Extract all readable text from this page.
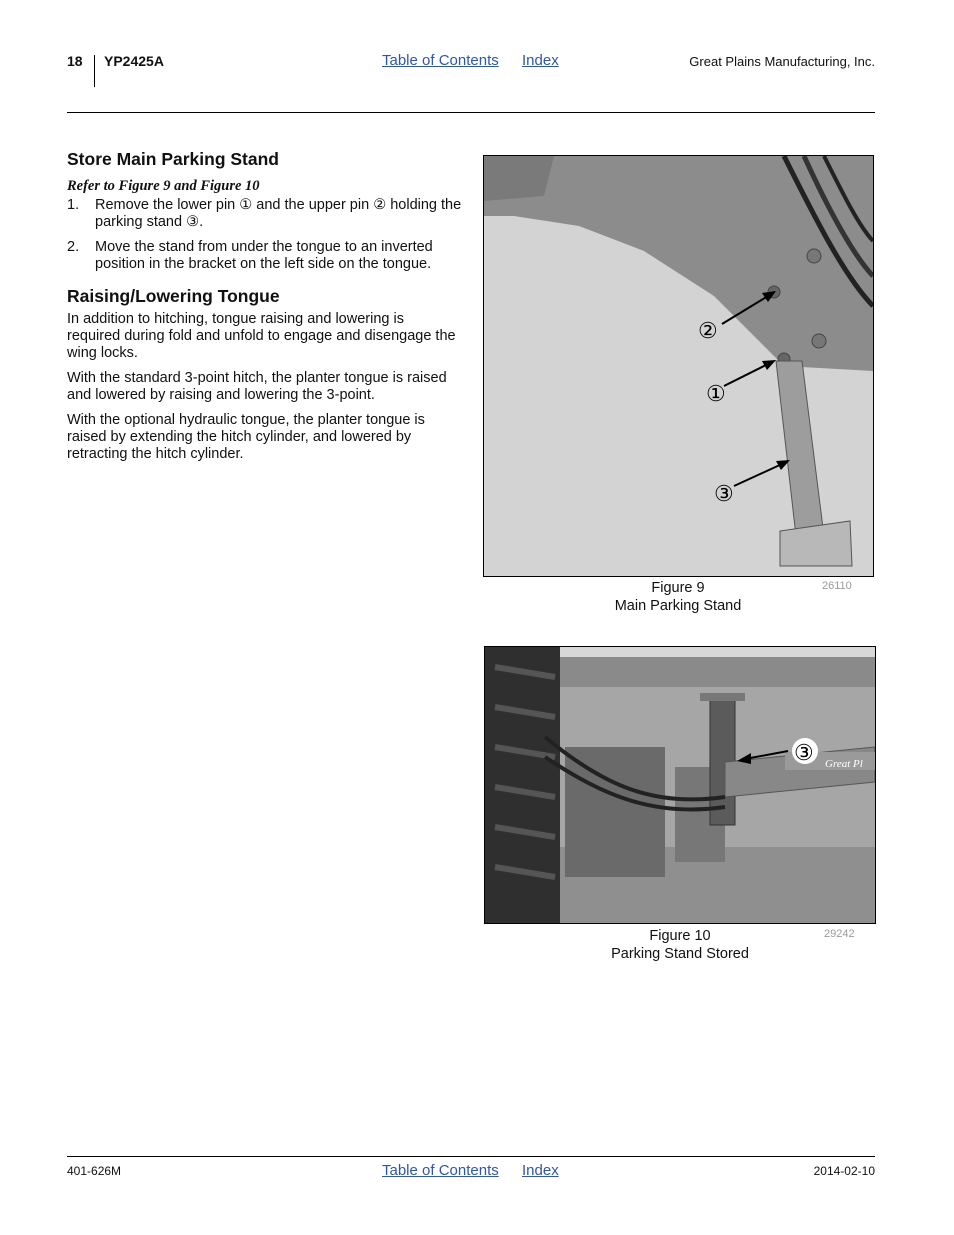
18 YP2425A	Table of Contents Index	Great Plains Manufacturing, Inc.
Store Main Parking Stand
Refer to Figure 9 and Figure 10
1. Remove the lower pin ① and the upper pin ② holding the parking stand ③.
2. Move the stand from under the tongue to an inverted position in the bracket on the left side on the tongue.
Raising/Lowering Tongue

In addition to hitching, tongue raising and lowering is required during fold and unfold to engage and disengage the wing locks.

With the standard 3-point hitch, the planter tongue is raised and lowered by raising and lowering the 3-point.

With the optional hydraulic tongue, the planter tongue is raised by extending the hitch cylinder, and lowered by retracting the hitch cylinder.

②
①
③
Figure 9
Main Parking Stand
26110
Great Pl
③
Figure 10
Parking Stand Stored
29242
401-626M	Table of Contents Index	2014-02-10
